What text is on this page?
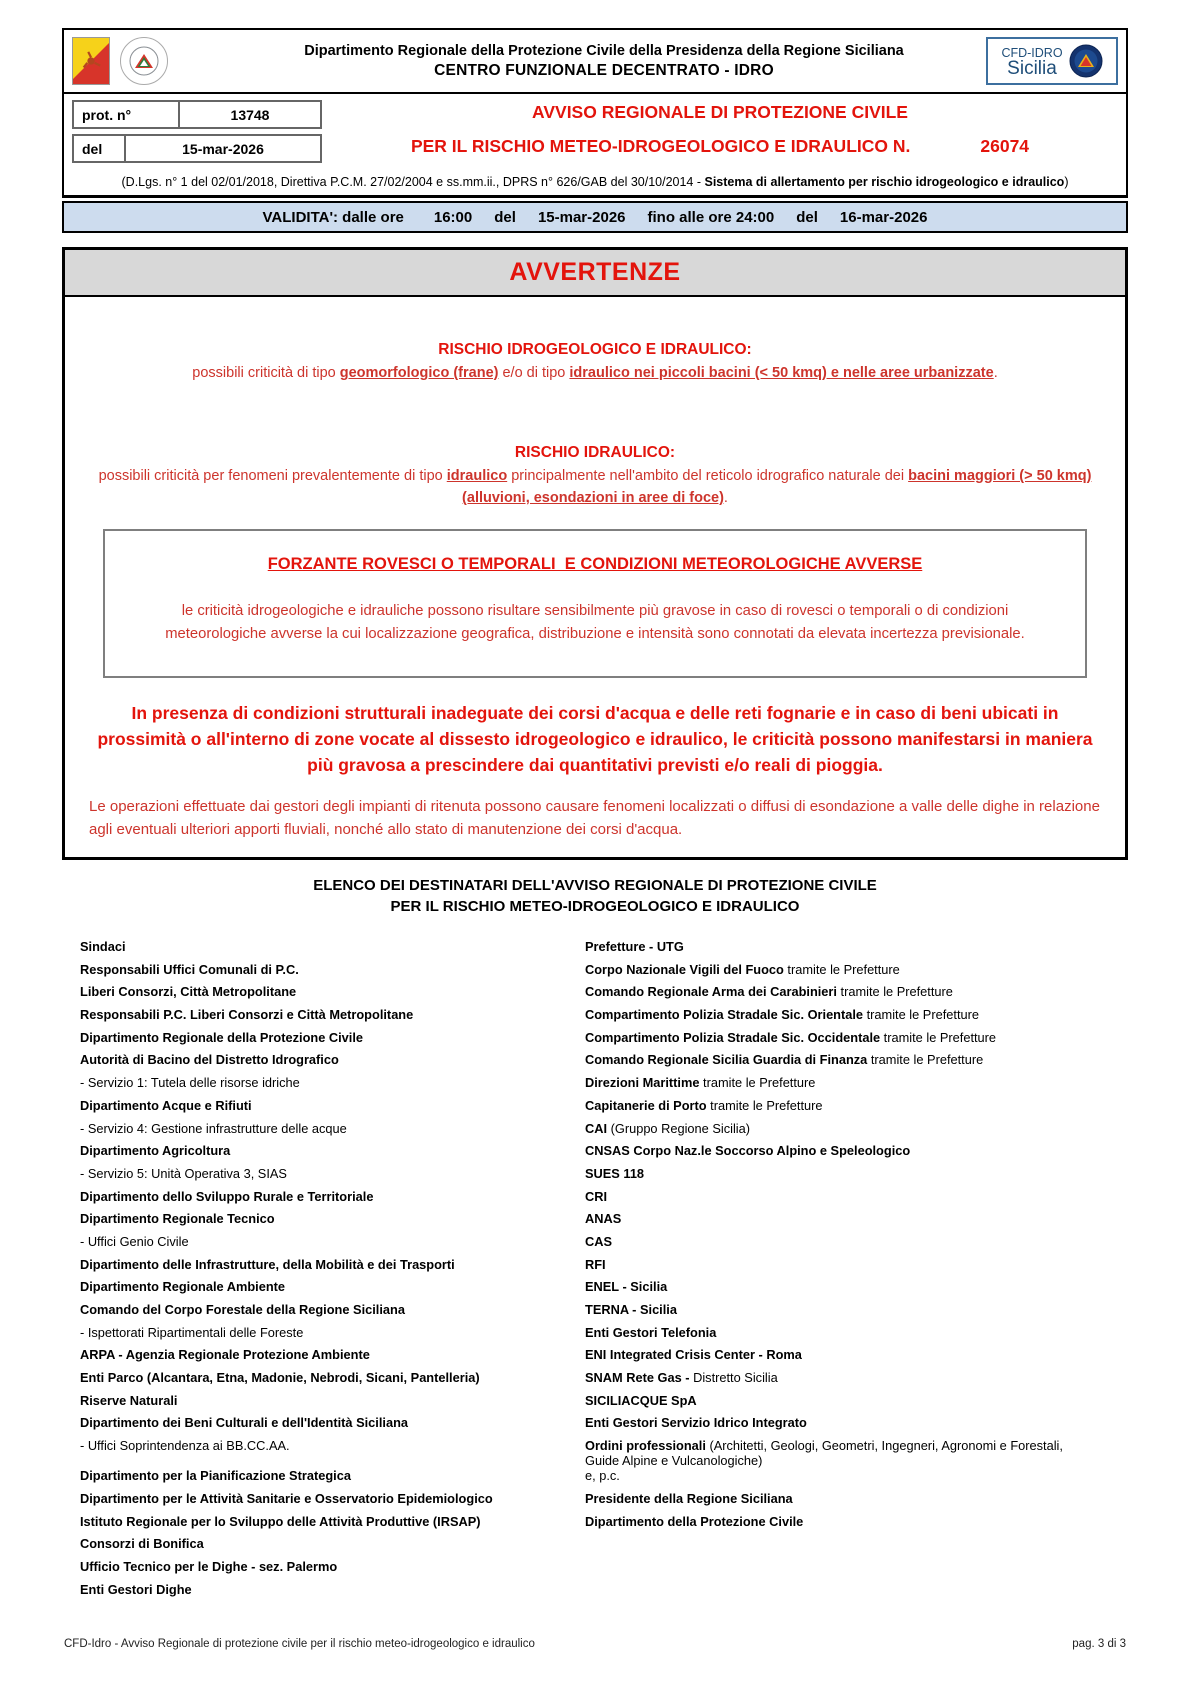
Dipartimento Regionale della Protezione Civile della Presidenza della Regione Siciliana
CENTRO FUNZIONALE DECENTRATO - IDRO
CFD-IDRO
Sicilia
prot. n°	13748
del	15-mar-2026
AVVISO REGIONALE DI PROTEZIONE CIVILE
PER IL RISCHIO METEO-IDROGEOLOGICO E IDRAULICO N.	26074
(D.Lgs. n° 1 del 02/01/2018, Direttiva P.C.M. 27/02/2004 e ss.mm.ii., DPRS n° 626/GAB del 30/10/2014 - Sistema di allertamento per rischio idrogeologico e idraulico)
VALIDITA': dalle ore 16:00 del 15-mar-2026 fino alle ore 24:00 del 16-mar-2026
AVVERTENZE
RISCHIO IDROGEOLOGICO E IDRAULICO:
possibili criticità di tipo geomorfologico (frane) e/o di tipo idraulico nei piccoli bacini (< 50 kmq) e nelle aree urbanizzate.
RISCHIO IDRAULICO:
possibili criticità per fenomeni prevalentemente di tipo idraulico principalmente nell'ambito del reticolo idrografico naturale dei bacini maggiori (> 50 kmq) (alluvioni, esondazioni in aree di foce).
FORZANTE ROVESCI O TEMPORALI  E CONDIZIONI METEOROLOGICHE AVVERSE
le criticità idrogeologiche e idrauliche possono risultare sensibilmente più gravose in caso di rovesci o temporali o di condizioni meteorologiche avverse la cui localizzazione geografica, distribuzione e intensità sono connotati da elevata incertezza previsionale.
In presenza di condizioni strutturali inadeguate dei corsi d'acqua e delle reti fognarie e in caso di beni ubicati in prossimità o all'interno di zone vocate al dissesto idrogeologico e idraulico, le criticità possono manifestarsi in maniera più gravosa a prescindere dai quantitativi previsti e/o reali di pioggia.
Le operazioni effettuate dai gestori degli impianti di ritenuta possono causare fenomeni localizzati o diffusi di esondazione a valle delle dighe in relazione agli eventuali ulteriori apporti fluviali, nonché allo stato di manutenzione dei corsi d'acqua.
ELENCO DEI DESTINATARI DELL'AVVISO REGIONALE DI PROTEZIONE CIVILE
PER IL RISCHIO METEO-IDROGEOLOGICO E IDRAULICO
Sindaci	Prefetture - UTG
Responsabili Uffici Comunali di P.C.	Corpo Nazionale Vigili del Fuoco tramite le Prefetture
Liberi Consorzi, Città Metropolitane	Comando Regionale Arma dei Carabinieri tramite le Prefetture
Responsabili P.C. Liberi Consorzi e Città Metropolitane	Compartimento Polizia Stradale Sic. Orientale tramite le Prefetture
Dipartimento Regionale della Protezione Civile	Compartimento Polizia Stradale Sic. Occidentale tramite le Prefetture
Autorità di Bacino del Distretto Idrografico	Comando Regionale Sicilia Guardia di Finanza tramite le Prefetture
- Servizio 1: Tutela delle risorse idriche	Direzioni Marittime tramite le Prefetture
Dipartimento Acque e Rifiuti	Capitanerie di Porto tramite le Prefetture
- Servizio 4: Gestione infrastrutture delle acque	CAI (Gruppo Regione Sicilia)
Dipartimento Agricoltura	CNSAS Corpo Naz.le Soccorso Alpino e Speleologico
- Servizio 5: Unità Operativa 3, SIAS	SUES 118
Dipartimento dello Sviluppo Rurale e Territoriale	CRI
Dipartimento Regionale Tecnico	ANAS
- Uffici Genio Civile	CAS
Dipartimento delle Infrastrutture, della Mobilità e dei Trasporti	RFI
Dipartimento Regionale Ambiente	ENEL - Sicilia
Comando del Corpo Forestale della Regione Siciliana	TERNA - Sicilia
- Ispettorati Ripartimentali delle Foreste	Enti Gestori Telefonia
ARPA - Agenzia Regionale Protezione Ambiente	ENI Integrated Crisis Center - Roma
Enti Parco (Alcantara, Etna, Madonie, Nebrodi, Sicani, Pantelleria)	SNAM Rete Gas - Distretto Sicilia
Riserve Naturali	SICILIACQUE SpA
Dipartimento dei Beni Culturali e dell'Identità Siciliana	Enti Gestori Servizio Idrico Integrato
- Uffici Soprintendenza ai BB.CC.AA.	Ordini professionali (Architetti, Geologi, Geometri, Ingegneri, Agronomi e Forestali, Guide Alpine e Vulcanologiche)
Dipartimento per la Pianificazione Strategica	e, p.c.
Dipartimento per le Attività Sanitarie e Osservatorio Epidemiologico	Presidente della Regione Siciliana
Istituto Regionale per lo Sviluppo delle Attività Produttive (IRSAP)	Dipartimento della Protezione Civile
Consorzi di Bonifica
Ufficio Tecnico per le Dighe - sez. Palermo
Enti Gestori Dighe
CFD-Idro - Avviso Regionale di protezione civile per il rischio meteo-idrogeologico e idraulico	pag. 3 di 3
